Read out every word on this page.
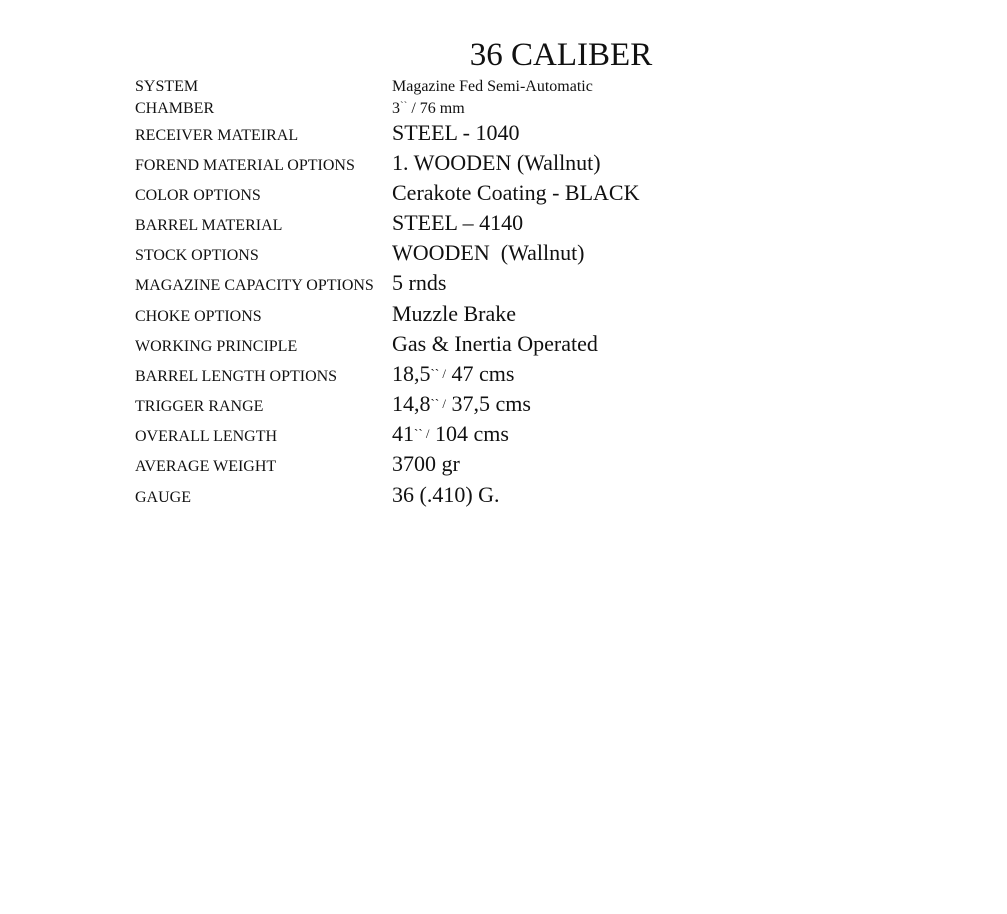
36 CALIBER
SYSTEM	Magazine Fed Semi-Automatic
CHAMBER	3`` / 76 mm
RECEIVER MATEIRAL	STEEL - 1040
FOREND MATERIAL OPTIONS 1. WOODEN (Wallnut)
COLOR OPTIONS	Cerakote Coating - BLACK
BARREL MATERIAL	STEEL – 4140
STOCK OPTIONS	WOODEN  (Wallnut)
MAGAZINE CAPACITY OPTIONS 5 rnds
CHOKE OPTIONS	Muzzle Brake
WORKING PRINCIPLE	Gas & Inertia Operated
BARREL LENGTH OPTIONS 18,5`` / 47 cms
TRIGGER RANGE	14,8`` / 37,5 cms
OVERALL LENGTH	41`` / 104 cms
AVERAGE WEIGHT	3700 gr
GAUGE	36 (.410) G.
